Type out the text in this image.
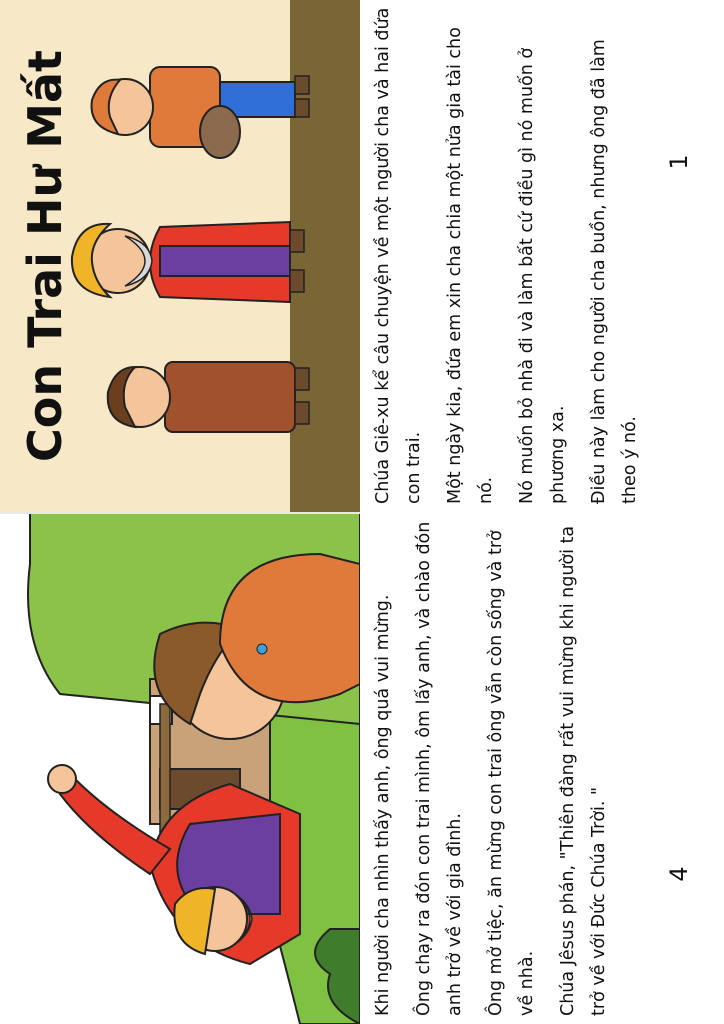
Khi người cha nhìn thấy anh, ông quá vui mừng.	Ông chạy ra đón con trai mình, ôm lấy anh, và chào đón anh trở về với gia đình.	Ông mở tiệc, ăn mừng con trai ông vẫn còn sống và trở về nhà.	Chúa Jêsus phán, "Thiên đàng rất vui mừng khi người ta trở về với Đức Chúa Trời. " 4
Con Trai Hư Mất	Chúa Giê-xu kể câu chuyện về một người cha và hai đứa con trai.	Một ngày kia, đứa em xin cha chia một nửa gia tài cho nó.	Nó muốn bỏ nhà đi và làm bất cứ điều gì nó muốn ở phương xa.	Điều này làm cho người cha buồn, nhưng ông đã làm theo ý nó.

1
